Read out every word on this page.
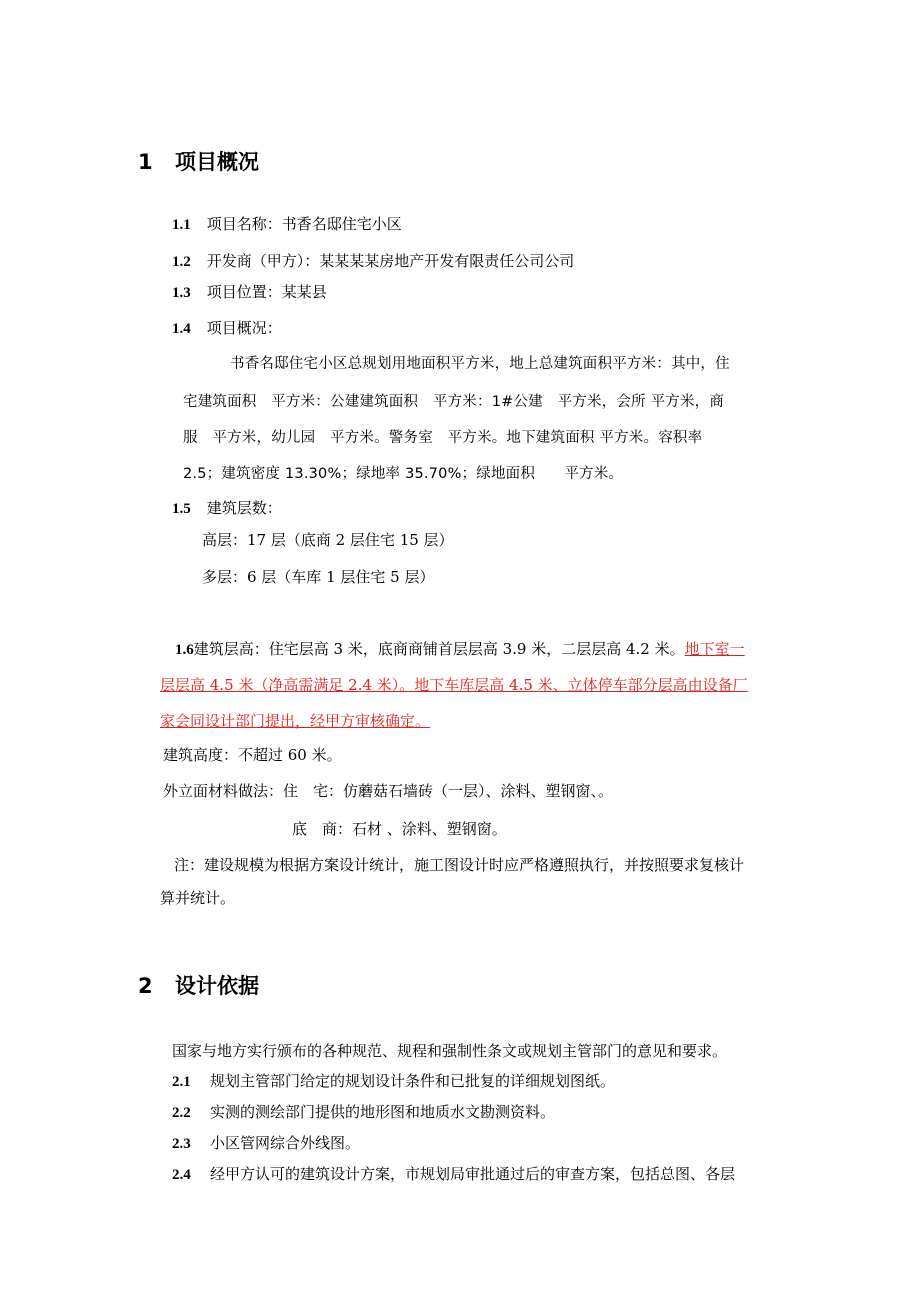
1 项目概况
1.1 项目名称：书香名邸住宅小区
1.2 开发商（甲方）：某某某某房地产开发有限责任公司公司
1.3 项目位置：某某县
1.4 项目概况：
书香名邸住宅小区总规划用地面积平方米，地上总建筑面积平方米：其中，住
宅建筑面积　平方米：公建建筑面积　平方米：1#公建　平方米，会所 平方米，商
服　平方米，幼儿园　平方米。警务室　平方米。地下建筑面积 平方米。容积率
2.5；建筑密度 13.30%；绿地率 35.70%；绿地面积　　平方米。
1.5 建筑层数：
高层：17 层（底商 2 层住宅 15 层）
多层：6 层（车库 1 层住宅 5 层）
1.6建筑层高：住宅层高 3 米，底商商铺首层层高 3.9 米，二层层高 4.2 米。地下室一
层层高 4.5 米（净高需满足 2.4 米）。地下车库层高 4.5 米、立体停车部分层高由设备厂
家会同设计部门提出，经甲方审核确定。
建筑高度：不超过 60 米。
外立面材料做法：住　宅：仿蘑菇石墙砖（一层）、涂料、塑钢窗、。
底　商：石材 、涂料、塑钢窗。
注：建设规模为根据方案设计统计，施工图设计时应严格遵照执行，并按照要求复核计
算并统计。
2 设计依据
国家与地方实行颁布的各种规范、规程和强制性条文或规划主管部门的意见和要求。
2.1 规划主管部门给定的规划设计条件和已批复的详细规划图纸。
2.2 实测的测绘部门提供的地形图和地质水文勘测资料。
2.3 小区管网综合外线图。
2.4 经甲方认可的建筑设计方案，市规划局审批通过后的审查方案，包括总图、各层
